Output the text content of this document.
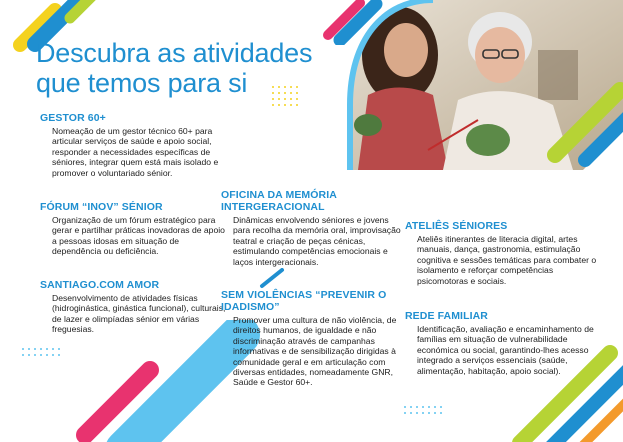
Descubra as atividades que temos para si
GESTOR 60+

Nomeação de um gestor técnico 60+ para articular serviços de saúde e apoio social, responder a necessidades específicas de séniores, integrar quem está mais isolado e promover o voluntariado sénior.

FÓRUM “INOV” SÉNIOR

Organização de um fórum estratégico para gerar e partilhar práticas inovadoras de apoio a pessoas idosas em situação de dependência ou deficiência.

SANTIAGO.COM AMOR

Desenvolvimento de atividades físicas (hidroginástica, ginástica funcional), culturais, de lazer e olimpíadas sénior em várias freguesias.

OFICINA DA MEMÓRIA INTERGERACIONAL

Dinâmicas envolvendo séniores e jovens para recolha da memória oral, improvisação teatral e criação de peças cénicas, estimulando competências emocionais e laços intergeracionais.

SEM VIOLÊNCIAS “PREVENIR O IDADISMO”

Promover uma cultura de não violência, de direitos humanos, de igualdade e não discriminação através de campanhas informativas e de sensibilização dirigidas à comunidade geral e em articulação com diversas entidades, nomeadamente GNR, Saúde e Gestor 60+.

ATELIÊS SÉNIORES

Ateliês itinerantes de literacia digital, artes manuais, dança, gastronomia, estimulação cognitiva e sessões temáticas para combater o isolamento e reforçar competências psicomotoras e sociais.

REDE FAMILIAR

Identificação, avaliação e encaminhamento de famílias em situação de vulnerabilidade económica ou social, garantindo-lhes acesso integrado a serviços essenciais (saúde, alimentação, habitação, apoio social).
